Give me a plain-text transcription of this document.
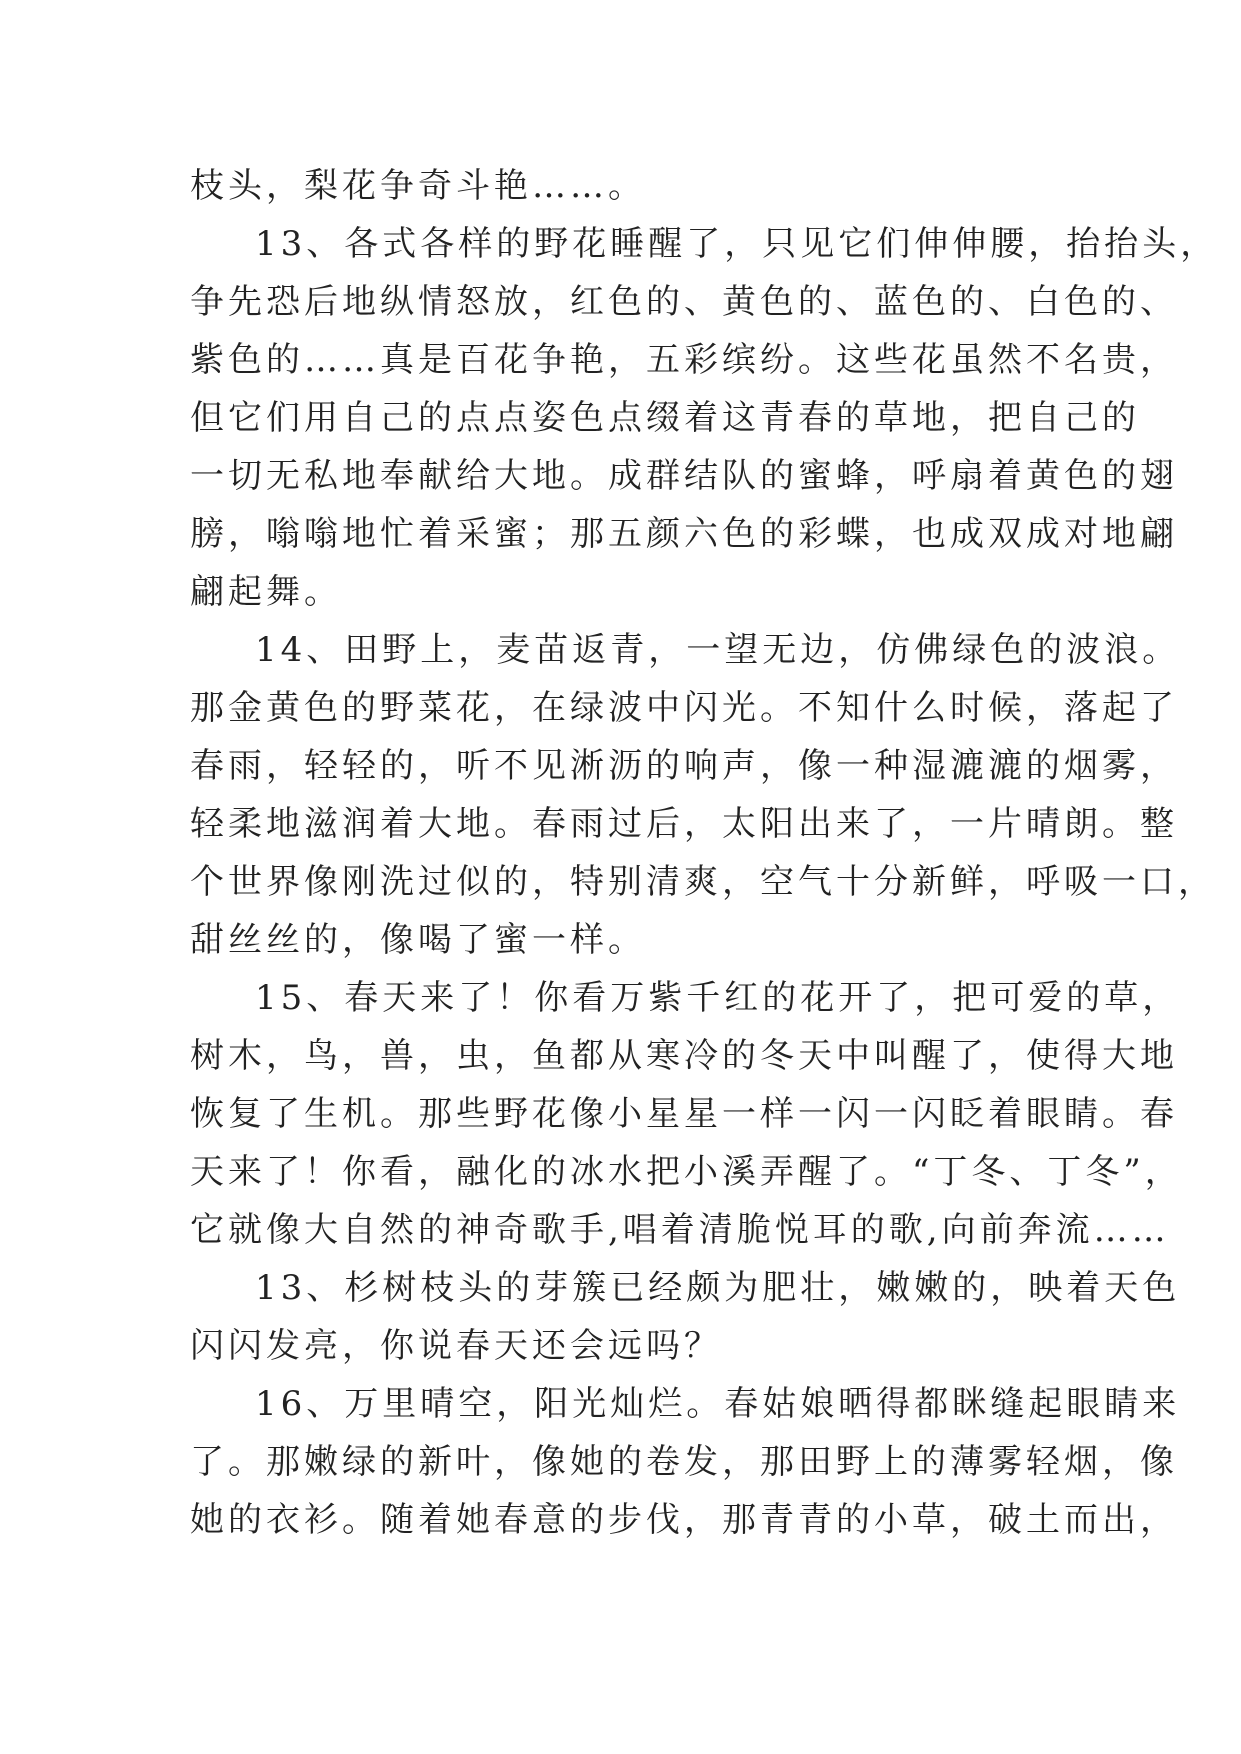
枝头，梨花争奇斗艳……。
13、各式各样的野花睡醒了，只见它们伸伸腰，抬抬头，
争先恐后地纵情怒放，红色的、黄色的、蓝色的、白色的、
紫色的……真是百花争艳，五彩缤纷。这些花虽然不名贵，
但它们用自己的点点姿色点缀着这青春的草地，把自己的
一切无私地奉献给大地。成群结队的蜜蜂，呼扇着黄色的翅
膀，嗡嗡地忙着采蜜；那五颜六色的彩蝶，也成双成对地翩
翩起舞。
14、田野上，麦苗返青，一望无边，仿佛绿色的波浪。
那金黄色的野菜花，在绿波中闪光。不知什么时候，落起了
春雨，轻轻的，听不见淅沥的响声，像一种湿漉漉的烟雾，
轻柔地滋润着大地。春雨过后，太阳出来了，一片晴朗。整
个世界像刚洗过似的，特别清爽，空气十分新鲜，呼吸一口，
甜丝丝的，像喝了蜜一样。
15、春天来了！你看万紫千红的花开了，把可爱的草，
树木，鸟，兽，虫，鱼都从寒冷的冬天中叫醒了，使得大地
恢复了生机。那些野花像小星星一样一闪一闪眨着眼睛。春
天来了！你看，融化的冰水把小溪弄醒了。“丁冬、丁冬”，
它就像大自然的神奇歌手,唱着清脆悦耳的歌,向前奔流……
13、杉树枝头的芽簇已经颇为肥壮，嫩嫩的，映着天色
闪闪发亮，你说春天还会远吗？
16、万里晴空，阳光灿烂。春姑娘晒得都眯缝起眼睛来
了。那嫩绿的新叶，像她的卷发，那田野上的薄雾轻烟，像
她的衣衫。随着她春意的步伐，那青青的小草，破土而出，
